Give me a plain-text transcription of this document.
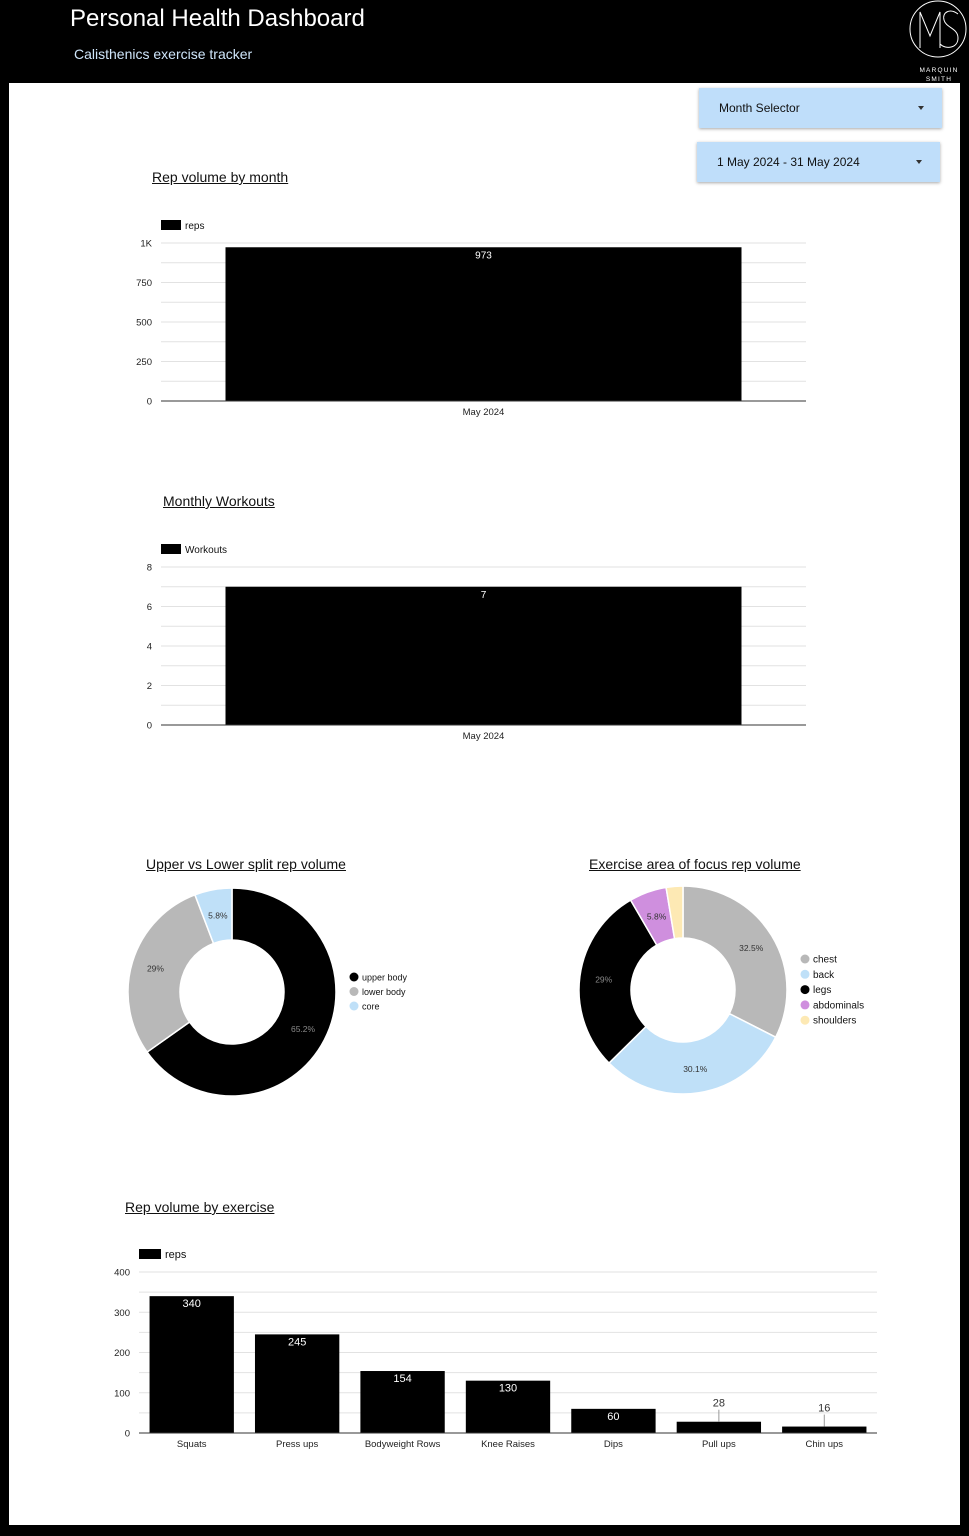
Personal Health Dashboard
Calisthenics exercise tracker
MARQUIN
SMITH
Month Selector
1 May 2024 - 31 May 2024
Rep volume by month
reps
0
250
500
750
1K
973
May 2024
Monthly Workouts
Workouts
0
2
4
6
8
7
May 2024
Upper vs Lower split rep volume
65.2%
29%
5.8%
upper body
lower body
core
Exercise area of focus rep volume
32.5%
30.1%
29%
5.8%
chest
back
legs
abdominals
shoulders
Rep volume by exercise
reps
0
100
200
300
400
340
Squats
245
Press ups
154
Bodyweight Rows
130
Knee Raises
60
Dips
28
Pull ups
16
Chin ups
